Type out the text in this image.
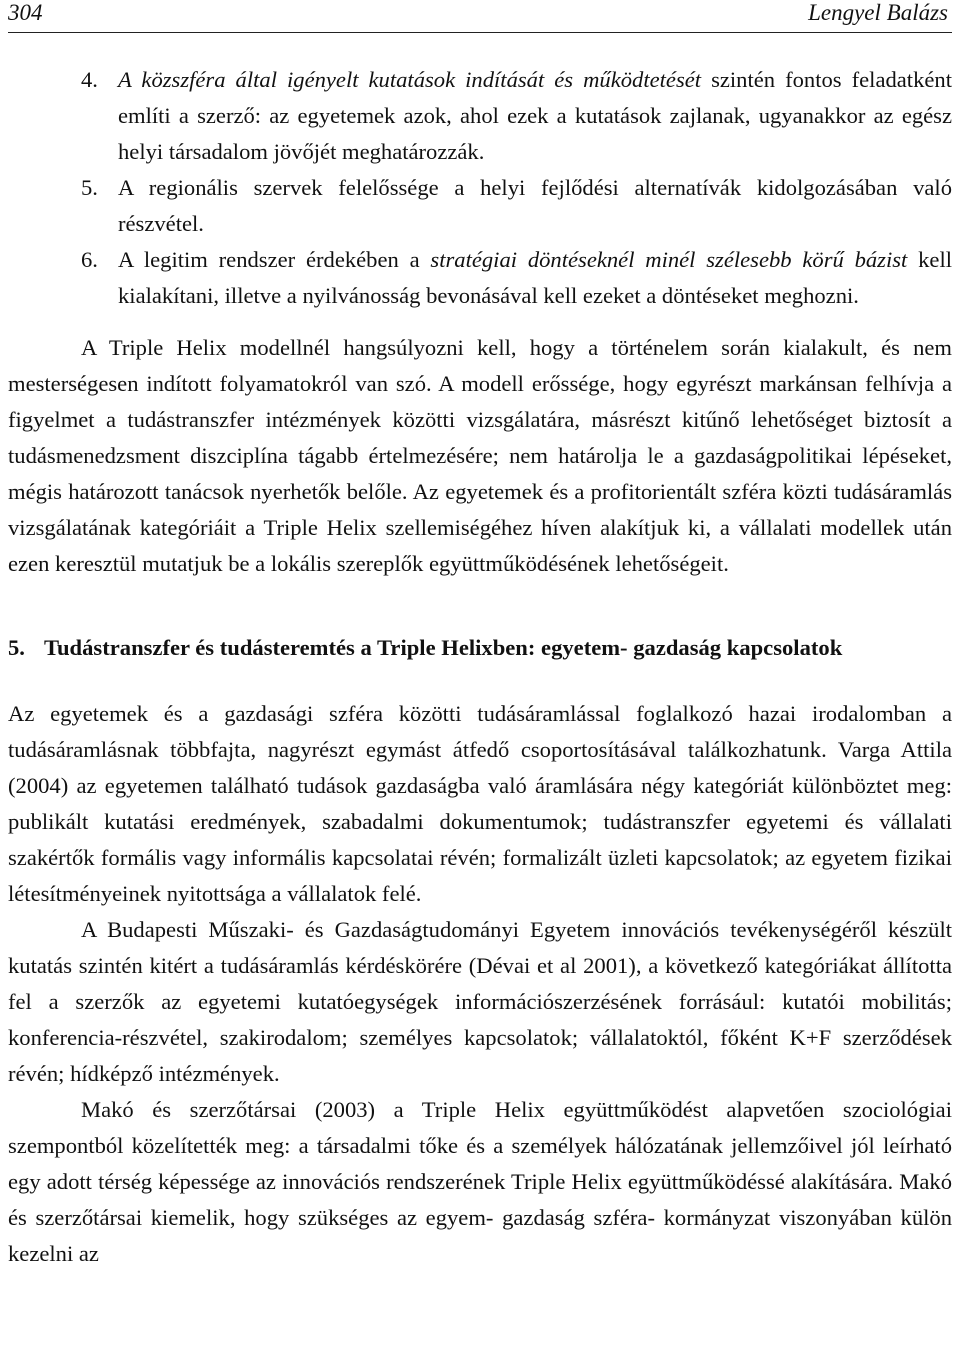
304	Lengyel Balázs
4. A közszféra által igényelt kutatások indítását és működtetését szintén fontos feladatként említi a szerző: az egyetemek azok, ahol ezek a kutatások zajlanak, ugyanakkor az egész helyi társadalom jövőjét meghatározzák.
5. A regionális szervek felelőssége a helyi fejlődési alternatívák kidolgozásában való részvétel.
6. A legitim rendszer érdekében a stratégiai döntéseknél minél szélesebb körű bázist kell kialakítani, illetve a nyilvánosság bevonásával kell ezeket a döntéseket meghozni.

A Triple Helix modellnél hangsúlyozni kell, hogy a történelem során kialakult, és nem mesterségesen indított folyamatokról van szó. A modell erőssége, hogy egyrészt markánsan felhívja a figyelmet a tudástranszfer intézmények közötti vizsgálatára, másrészt kitűnő lehetőséget biztosít a tudásmenedzsment diszciplína tágabb értelmezésére; nem határolja le a gazdaságpolitikai lépéseket, mégis határozott tanácsok nyerhetők belőle. Az egyetemek és a profitorientált szféra közti tudásáramlás vizsgálatának kategóriáit a Triple Helix szellemiségéhez híven alakítjuk ki, a vállalati modellek után ezen keresztül mutatjuk be a lokális szereplők együttműködésének lehetőségeit.

5. Tudástranszfer és tudásteremtés a Triple Helixben: egyetem- gazdaság kapcsolatok

Az egyetemek és a gazdasági szféra közötti tudásáramlással foglalkozó hazai irodalomban a tudásáramlásnak többfajta, nagyrészt egymást átfedő csoportosításával találkozhatunk. Varga Attila (2004) az egyetemen található tudások gazdaságba való áramlására négy kategóriát különböztet meg: publikált kutatási eredmények, szabadalmi dokumentumok; tudástranszfer egyetemi és vállalati szakértők formális vagy informális kapcsolatai révén; formalizált üzleti kapcsolatok; az egyetem fizikai létesítményeinek nyitottsága a vállalatok felé.

A Budapesti Műszaki- és Gazdaságtudományi Egyetem innovációs tevékenységéről készült kutatás szintén kitért a tudásáramlás kérdéskörére (Dévai et al 2001), a következő kategóriákat állította fel a szerzők az egyetemi kutatóegységek információszerzésének forrásául: kutatói mobilitás; konferencia-részvétel, szakirodalom; személyes kapcsolatok; vállalatoktól, főként K+F szerződések révén; hídképző intézmények.

Makó és szerzőtársai (2003) a Triple Helix együttműködést alapvetően szociológiai szempontból közelítették meg: a társadalmi tőke és a személyek hálózatának jellemzőivel jól leírható egy adott térség képessége az innovációs rendszerének Triple Helix együttműködéssé alakítására. Makó és szerzőtársai kiemelik, hogy szükséges az egyem- gazdaság szféra- kormányzat viszonyában külön kezelni az
